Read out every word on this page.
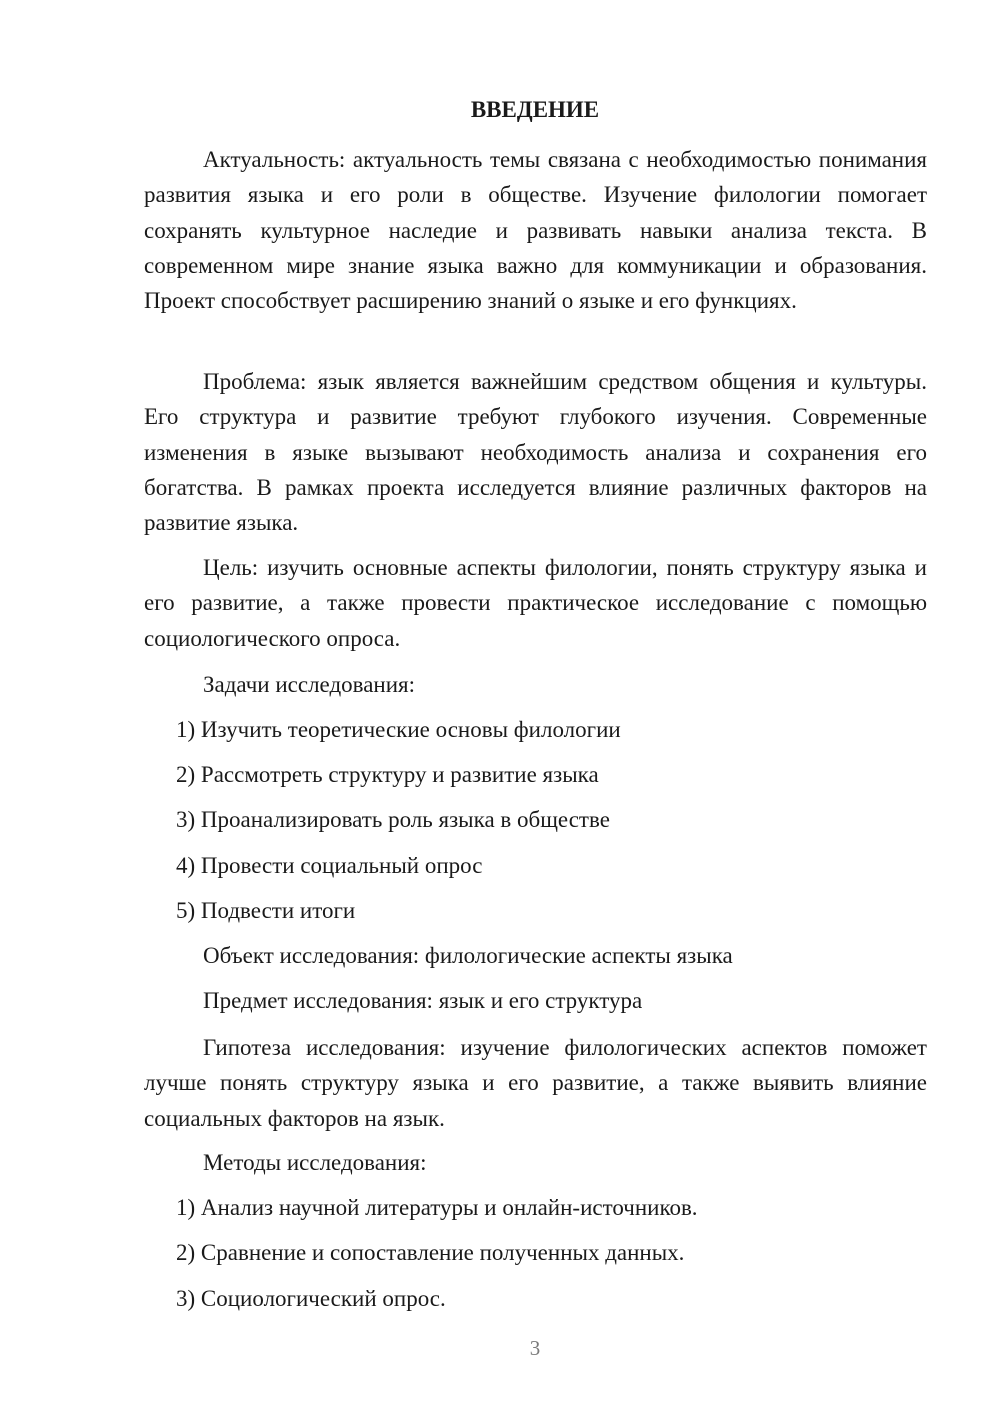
ВВЕДЕНИЕ

Актуальность: актуальность темы связана с необходимостью понимания развития языка и его роли в обществе. Изучение филологии помогает сохранять культурное наследие и развивать навыки анализа текста. В современном мире знание языка важно для коммуникации и образования. Проект способствует расширению знаний о языке и его функциях.

Проблема: язык является важнейшим средством общения и культуры. Его структура и развитие требуют глубокого изучения. Современные изменения в языке вызывают необходимость анализа и сохранения его богатства. В рамках проекта исследуется влияние различных факторов на развитие языка.

Цель: изучить основные аспекты филологии, понять структуру языка и его развитие, а также провести практическое исследование с помощью социологического опроса.

Задачи исследования:
1) Изучить теоретические основы филологии
2) Рассмотреть структуру и развитие языка
3) Проанализировать роль языка в обществе
4) Провести социальный опрос
5) Подвести итоги
Объект исследования: филологические аспекты языка
Предмет исследования: язык и его структура

Гипотеза исследования: изучение филологических аспектов поможет лучше понять структуру языка и его развитие, а также выявить влияние социальных факторов на язык.

Методы исследования:
1) Анализ научной литературы и онлайн-источников.
2) Сравнение и сопоставление полученных данных.
3) Социологический опрос.
3
